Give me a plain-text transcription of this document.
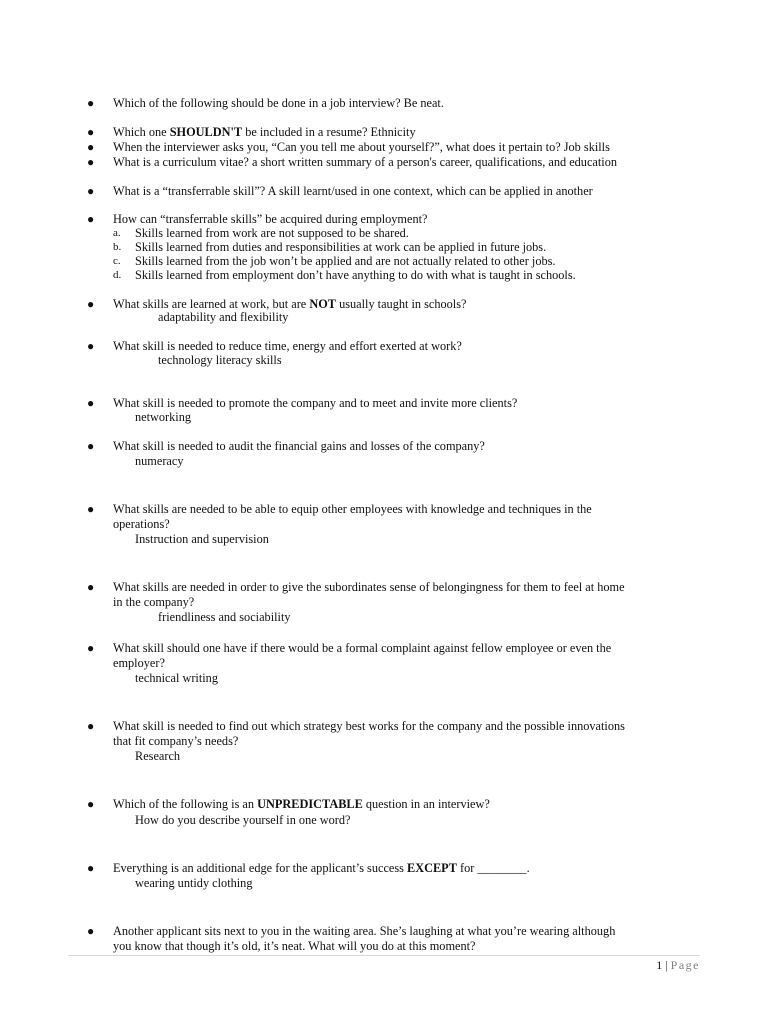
● Which of the following should be done in a job interview? Be neat.
● Which one SHOULDN'T be included in a resume? Ethnicity
● When the interviewer asks you, “Can you tell me about yourself?”, what does it pertain to? Job skills
● What is a curriculum vitae? a short written summary of a person's career, qualifications, and education
● What is a “transferrable skill”? A skill learnt/used in one context, which can be applied in another
● How can “transferrable skills” be acquired during employment?
a. Skills learned from work are not supposed to be shared.
b. Skills learned from duties and responsibilities at work can be applied in future jobs.
c. Skills learned from the job won’t be applied and are not actually related to other jobs.
d. Skills learned from employment don’t have anything to do with what is taught in schools.
● What skills are learned at work, but are NOT usually taught in schools?
adaptability and flexibility
● What skill is needed to reduce time, energy and effort exerted at work?
technology literacy skills
● What skill is needed to promote the company and to meet and invite more clients?
networking
● What skill is needed to audit the financial gains and losses of the company?
numeracy
● What skills are needed to be able to equip other employees with knowledge and techniques in the
operations?
Instruction and supervision
● What skills are needed in order to give the subordinates sense of belongingness for them to feel at home
in the company?
friendliness and sociability
● What skill should one have if there would be a formal complaint against fellow employee or even the
employer?
technical writing
● What skill is needed to find out which strategy best works for the company and the possible innovations
that fit company’s needs?
Research
● Which of the following is an UNPREDICTABLE question in an interview?
How do you describe yourself in one word?
● Everything is an additional edge for the applicant’s success EXCEPT for ________.
wearing untidy clothing
● Another applicant sits next to you in the waiting area. She’s laughing at what you’re wearing although
you know that though it’s old, it’s neat. What will you do at this moment?
1 | Page
